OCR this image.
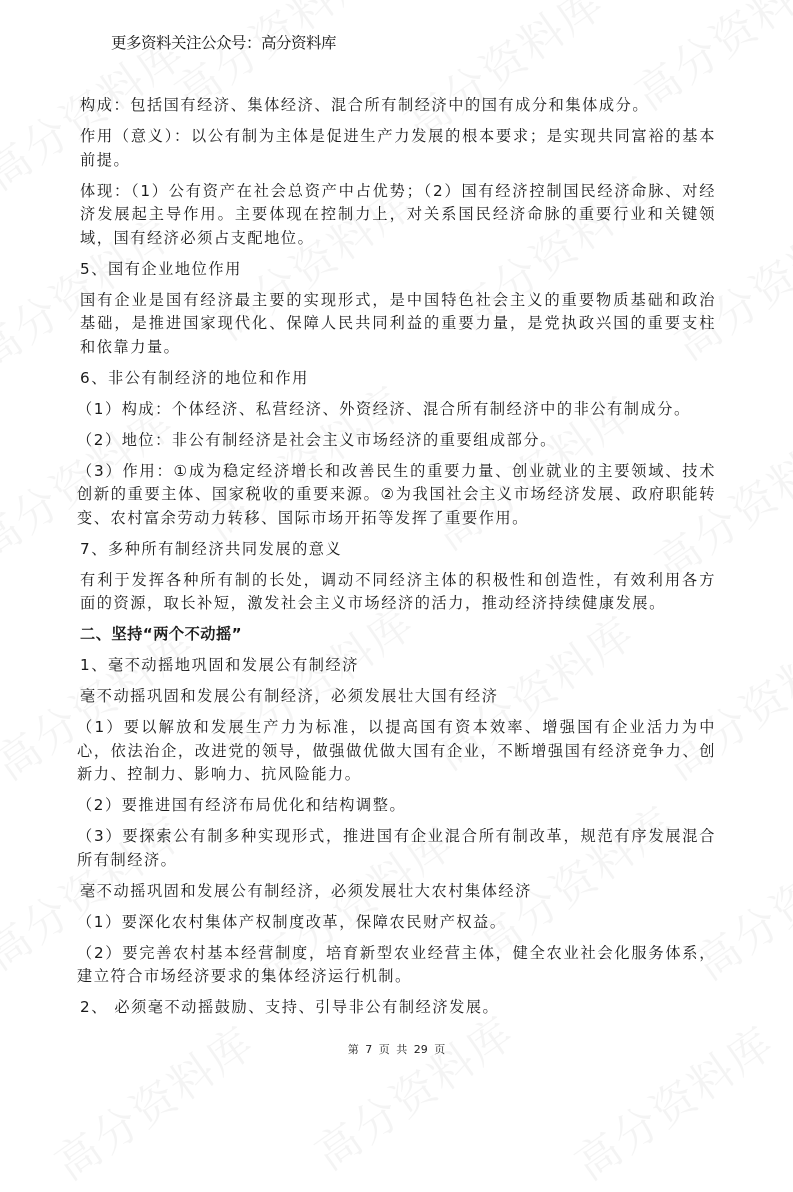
更多资料关注公众号：高分资料库

构成：包括国有经济、集体经济、混合所有制经济中的国有成分和集体成分。

作用（意义）：以公有制为主体是促进生产力发展的根本要求；是实现共同富裕的基本前提。

体现：（1）公有资产在社会总资产中占优势；（2）国有经济控制国民经济命脉、对经济发展起主导作用。主要体现在控制力上，对关系国民经济命脉的重要行业和关键领域，国有经济必须占支配地位。

5、国有企业地位作用

国有企业是国有经济最主要的实现形式，是中国特色社会主义的重要物质基础和政治基础，是推进国家现代化、保障人民共同利益的重要力量，是党执政兴国的重要支柱和依靠力量。

6、非公有制经济的地位和作用

（1）构成：个体经济、私营经济、外资经济、混合所有制经济中的非公有制成分。

（2）地位：非公有制经济是社会主义市场经济的重要组成部分。

（3）作用：①成为稳定经济增长和改善民生的重要力量、创业就业的主要领域、技术创新的重要主体、国家税收的重要来源。②为我国社会主义市场经济发展、政府职能转变、农村富余劳动力转移、国际市场开拓等发挥了重要作用。

7、多种所有制经济共同发展的意义

有利于发挥各种所有制的长处，调动不同经济主体的积极性和创造性，有效利用各方面的资源，取长补短，激发社会主义市场经济的活力，推动经济持续健康发展。

二、坚持“两个不动摇”

1、毫不动摇地巩固和发展公有制经济

毫不动摇巩固和发展公有制经济，必须发展壮大国有经济

（1）要以解放和发展生产力为标准，以提高国有资本效率、增强国有企业活力为中心，依法治企，改进党的领导，做强做优做大国有企业，不断增强国有经济竞争力、创新力、控制力、影响力、抗风险能力。

（2）要推进国有经济布局优化和结构调整。

（3）要探索公有制多种实现形式，推进国有企业混合所有制改革，规范有序发展混合所有制经济。

毫不动摇巩固和发展公有制经济，必须发展壮大农村集体经济

（1）要深化农村集体产权制度改革，保障农民财产权益。

（2）要完善农村基本经营制度，培育新型农业经营主体，健全农业社会化服务体系，建立符合市场经济要求的集体经济运行机制。

2、 必须毫不动摇鼓励、支持、引导非公有制经济发展。

第 7 页 共 29 页
